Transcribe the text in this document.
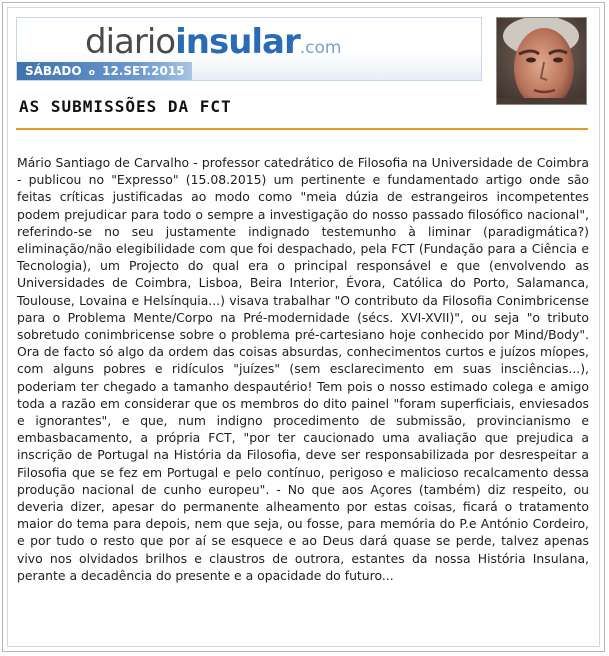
diarioinsular.com
SÁBADO o 12.SET.2015
AS SUBMISSÕES DA FCT

Mário Santiago de Carvalho - professor catedrático de Filosofia na Universidade de Coimbra - publicou no "Expresso" (15.08.2015) um pertinente e fundamentado artigo onde são feitas críticas justificadas ao modo como "meia dúzia de estrangeiros incompetentes podem prejudicar para todo o sempre a investigação do nosso passado filosófico nacional", referindo-se no seu justamente indignado testemunho à liminar (paradigmática?) eliminação/não elegibilidade com que foi despachado, pela FCT (Fundação para a Ciência e Tecnologia), um Projecto do qual era o principal responsável e que (envolvendo as Universidades de Coimbra, Lisboa, Beira Interior, Évora, Católica do Porto, Salamanca, Toulouse, Lovaina e Helsínquia...) visava trabalhar "O contributo da Filosofia Conimbricense para o Problema Mente/Corpo na Pré-modernidade (sécs. XVI-XVII)", ou seja "o tributo sobretudo conimbricense sobre o problema pré-cartesiano hoje conhecido por Mind/Body". Ora de facto só algo da ordem das coisas absurdas, conhecimentos curtos e juízos míopes, com alguns pobres e ridículos "juízes" (sem esclarecimento em suas insciências...), poderiam ter chegado a tamanho despautério! Tem pois o nosso estimado colega e amigo toda a razão em considerar que os membros do dito painel "foram superficiais, enviesados e ignorantes", e que, num indigno procedimento de submissão, provincianismo e embasbacamento, a própria FCT, "por ter caucionado uma avaliação que prejudica a inscrição de Portugal na História da Filosofia, deve ser responsabilizada por desrespeitar a Filosofia que se fez em Portugal e pelo contínuo, perigoso e malicioso recalcamento dessa produção nacional de cunho europeu". - No que aos Açores (também) diz respeito, ou deveria dizer, apesar do permanente alheamento por estas coisas, ficará o tratamento maior do tema para depois, nem que seja, ou fosse, para memória do P.e António Cordeiro, e por tudo o resto que por aí se esquece e ao Deus dará quase se perde, talvez apenas vivo nos olvidados brilhos e claustros de outrora, estantes da nossa História Insulana, perante a decadência do presente e a opacidade do futuro...
